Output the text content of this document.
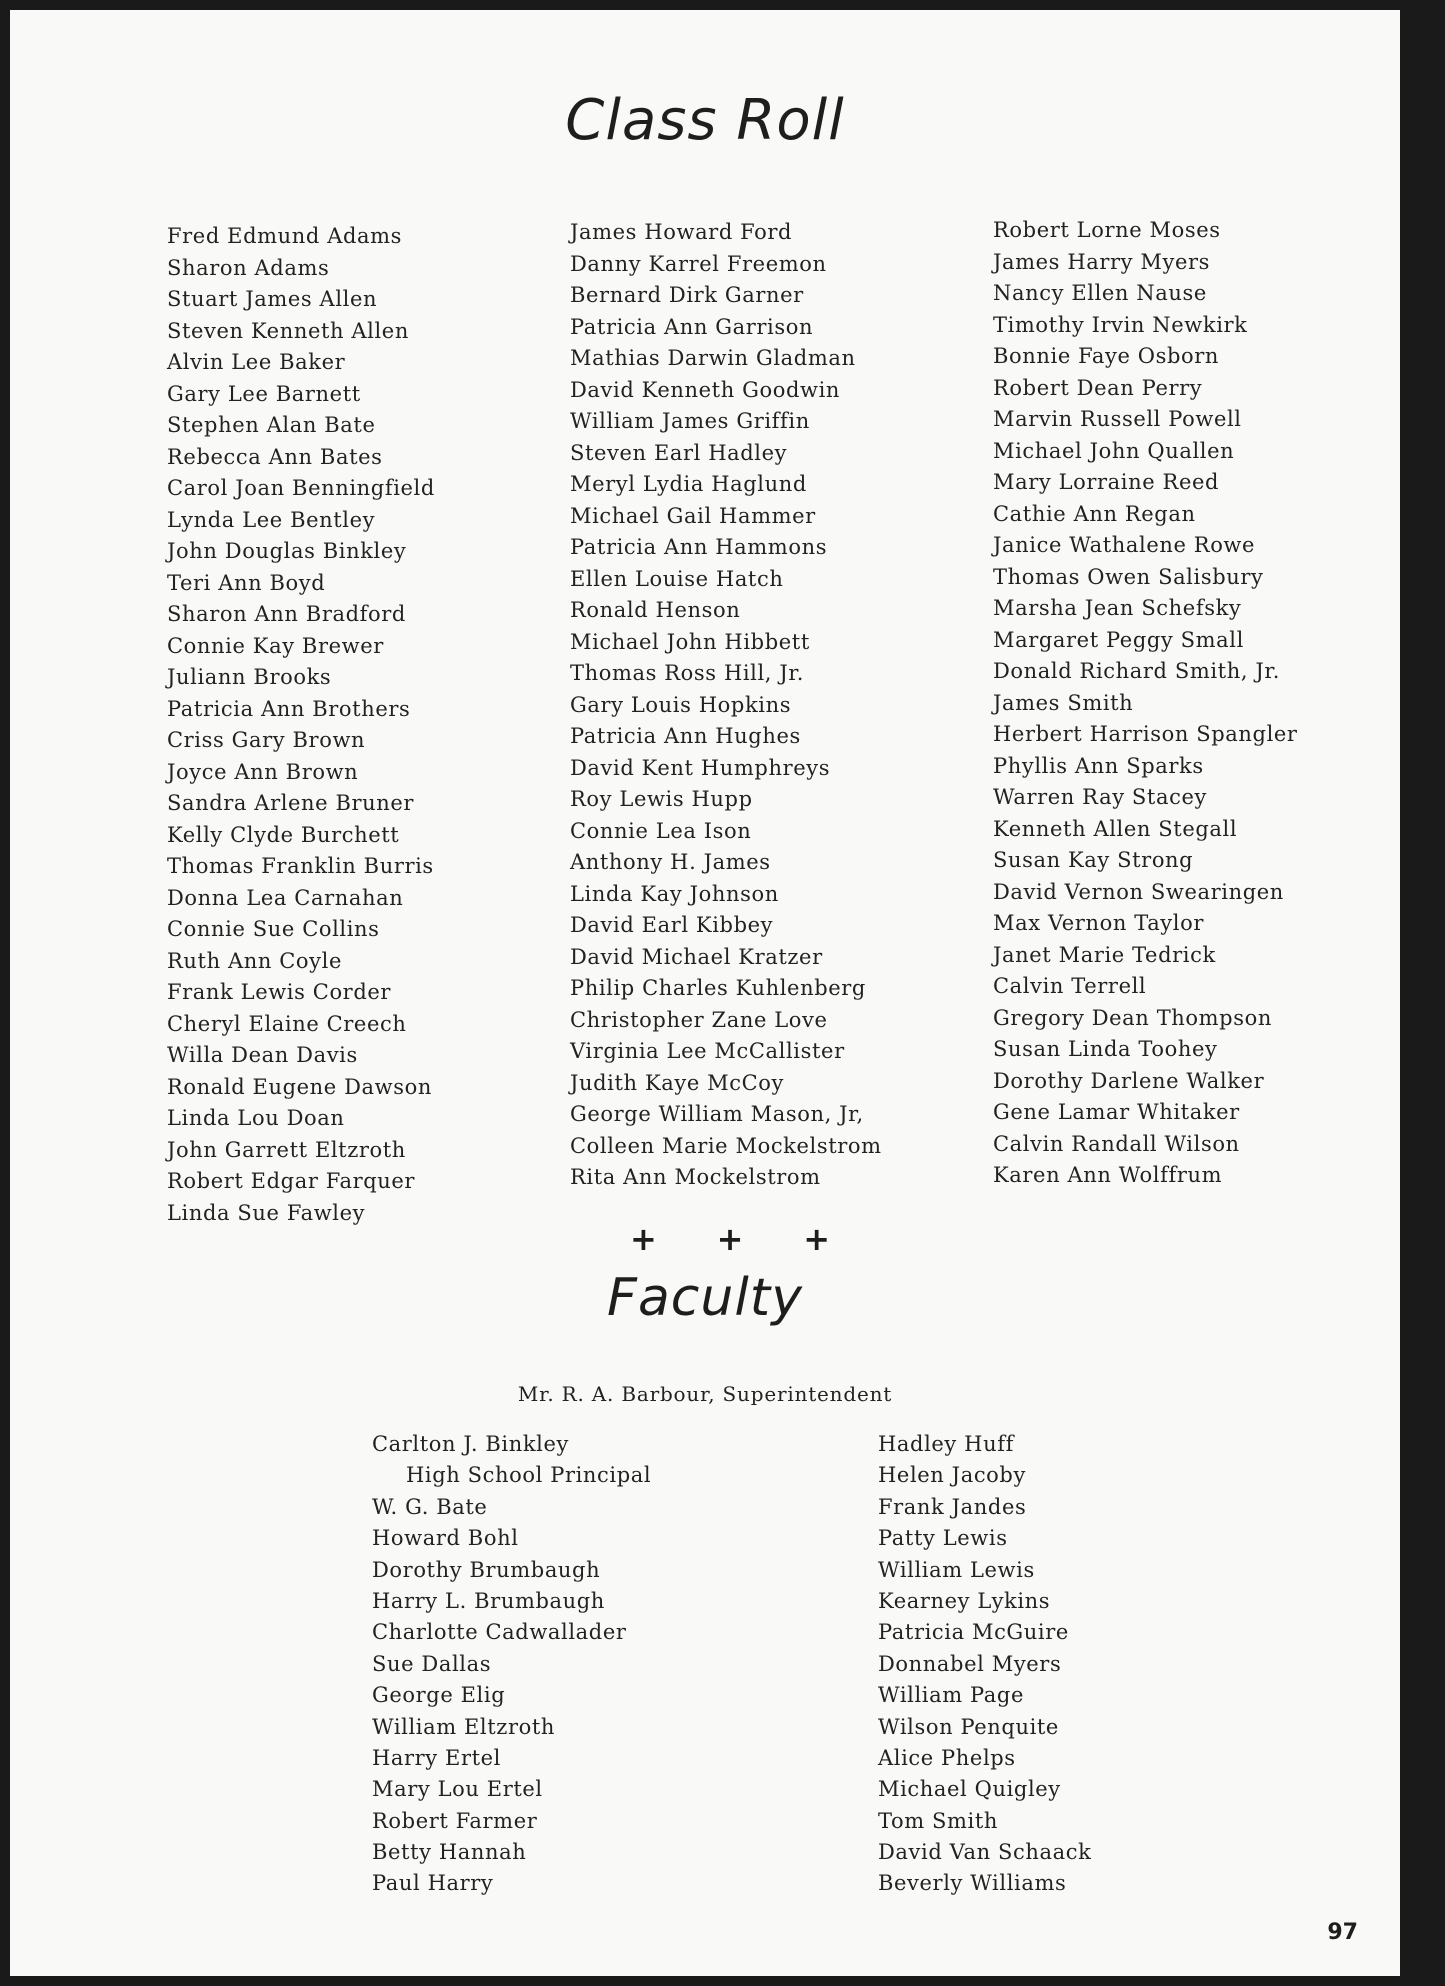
Class Roll
Fred Edmund Adams
Sharon Adams
Stuart James Allen
Steven Kenneth Allen
Alvin Lee Baker
Gary Lee Barnett
Stephen Alan Bate
Rebecca Ann Bates
Carol Joan Benningfield
Lynda Lee Bentley
John Douglas Binkley
Teri Ann Boyd
Sharon Ann Bradford
Connie Kay Brewer
Juliann Brooks
Patricia Ann Brothers
Criss Gary Brown
Joyce Ann Brown
Sandra Arlene Bruner
Kelly Clyde Burchett
Thomas Franklin Burris
Donna Lea Carnahan
Connie Sue Collins
Ruth Ann Coyle
Frank Lewis Corder
Cheryl Elaine Creech
Willa Dean Davis
Ronald Eugene Dawson
Linda Lou Doan
John Garrett Eltzroth
Robert Edgar Farquer
Linda Sue Fawley
James Howard Ford
Danny Karrel Freemon
Bernard Dirk Garner
Patricia Ann Garrison
Mathias Darwin Gladman
David Kenneth Goodwin
William James Griffin
Steven Earl Hadley
Meryl Lydia Haglund
Michael Gail Hammer
Patricia Ann Hammons
Ellen Louise Hatch
Ronald Henson
Michael John Hibbett
Thomas Ross Hill, Jr.
Gary Louis Hopkins
Patricia Ann Hughes
David Kent Humphreys
Roy Lewis Hupp
Connie Lea Ison
Anthony H. James
Linda Kay Johnson
David Earl Kibbey
David Michael Kratzer
Philip Charles Kuhlenberg
Christopher Zane Love
Virginia Lee McCallister
Judith Kaye McCoy
George William Mason, Jr,
Colleen Marie Mockelstrom
Rita Ann Mockelstrom
Robert Lorne Moses
James Harry Myers
Nancy Ellen Nause
Timothy Irvin Newkirk
Bonnie Faye Osborn
Robert Dean Perry
Marvin Russell Powell
Michael John Quallen
Mary Lorraine Reed
Cathie Ann Regan
Janice Wathalene Rowe
Thomas Owen Salisbury
Marsha Jean Schefsky
Margaret Peggy Small
Donald Richard Smith, Jr.
James Smith
Herbert Harrison Spangler
Phyllis Ann Sparks
Warren Ray Stacey
Kenneth Allen Stegall
Susan Kay Strong
David Vernon Swearingen
Max Vernon Taylor
Janet Marie Tedrick
Calvin Terrell
Gregory Dean Thompson
Susan Linda Toohey
Dorothy Darlene Walker
Gene Lamar Whitaker
Calvin Randall Wilson
Karen Ann Wolffrum
+ + +
Faculty
Mr. R. A. Barbour, Superintendent
Carlton J. Binkley
High School Principal
W. G. Bate
Howard Bohl
Dorothy Brumbaugh
Harry L. Brumbaugh
Charlotte Cadwallader
Sue Dallas
George Elig
William Eltzroth
Harry Ertel
Mary Lou Ertel
Robert Farmer
Betty Hannah
Paul Harry
Hadley Huff
Helen Jacoby
Frank Jandes
Patty Lewis
William Lewis
Kearney Lykins
Patricia McGuire
Donnabel Myers
William Page
Wilson Penquite
Alice Phelps
Michael Quigley
Tom Smith
David Van Schaack
Beverly Williams
97
